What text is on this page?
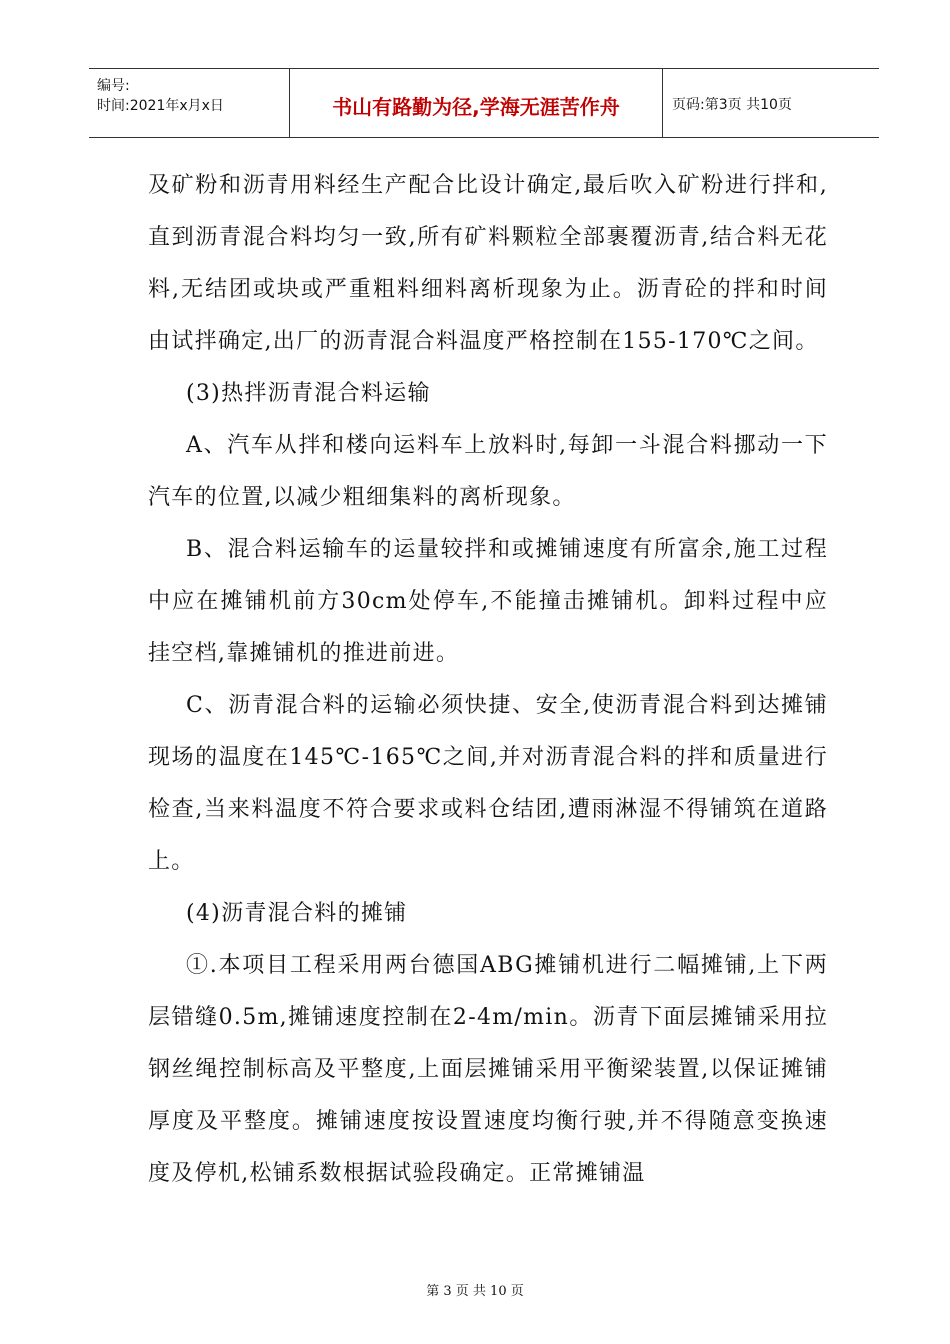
编号:
时间:2021年x月x日	书山有路勤为径,学海无涯苦作舟	页码:第3页 共10页

及矿粉和沥青用料经生产配合比设计确定,最后吹入矿粉进行拌和,直到沥青混合料均匀一致,所有矿料颗粒全部裹覆沥青,结合料无花料,无结团或块或严重粗料细料离析现象为止。沥青砼的拌和时间由试拌确定,出厂的沥青混合料温度严格控制在155-170℃之间。

(3)热拌沥青混合料运输

A、汽车从拌和楼向运料车上放料时,每卸一斗混合料挪动一下汽车的位置,以减少粗细集料的离析现象。

B、混合料运输车的运量较拌和或摊铺速度有所富余,施工过程中应在摊铺机前方30cm处停车,不能撞击摊铺机。卸料过程中应挂空档,靠摊铺机的推进前进。

C、沥青混合料的运输必须快捷、安全,使沥青混合料到达摊铺现场的温度在145℃-165℃之间,并对沥青混合料的拌和质量进行检查,当来料温度不符合要求或料仓结团,遭雨淋湿不得铺筑在道路上。

(4)沥青混合料的摊铺

①.本项目工程采用两台德国ABG摊铺机进行二幅摊铺,上下两层错缝0.5m,摊铺速度控制在2-4m/min。沥青下面层摊铺采用拉钢丝绳控制标高及平整度,上面层摊铺采用平衡梁装置,以保证摊铺厚度及平整度。摊铺速度按设置速度均衡行驶,并不得随意变换速度及停机,松铺系数根据试验段确定。正常摊铺温

第 3 页 共 10 页
